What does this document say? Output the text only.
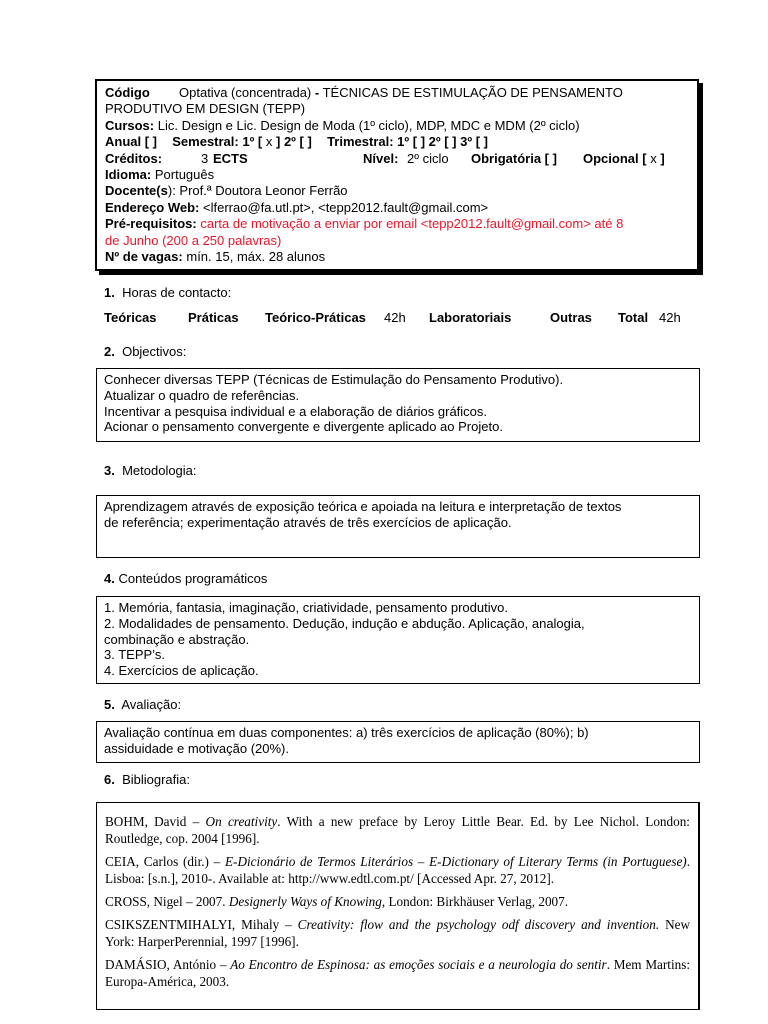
Código Optativa (concentrada) - TÉCNICAS DE ESTIMULAÇÃO DE PENSAMENTO
PRODUTIVO EM DESIGN (TEPP)
Cursos: Lic. Design e Lic. Design de Moda (1º ciclo), MDP, MDC e MDM (2º ciclo)
Anual [ ] Semestral: 1º [ x ] 2º [ ] Trimestral: 1º [ ] 2º [ ] 3º [ ]
Créditos:	3 ECTS	Nível: 2º ciclo Obrigatória [ ] Opcional [ x ]
Idioma: Português
Docente(s): Prof.ª Doutora Leonor Ferrão
Endereço Web: <lferrao@fa.utl.pt>, <tepp2012.fault@gmail.com>
Pré-requisitos: carta de motivação a enviar por email <tepp2012.fault@gmail.com> até 8
de Junho (200 a 250 palavras)
Nº de vagas: mín. 15, máx. 28 alunos
1. Horas de contacto:
Teóricas Práticas Teórico-Práticas 42h Laboratoriais	Outras Total 42h
2. Objectivos:
Conhecer diversas TEPP (Técnicas de Estimulação do Pensamento Produtivo).
Atualizar o quadro de referências.
Incentivar a pesquisa individual e a elaboração de diários gráficos.
Acionar o pensamento convergente e divergente aplicado ao Projeto.
3. Metodologia:
Aprendizagem através de exposição teórica e apoiada na leitura e interpretação de textos
de referência; experimentação através de três exercícios de aplicação.
4. Conteúdos programáticos
1. Memória, fantasia, imaginação, criatividade, pensamento produtivo.
2. Modalidades de pensamento. Dedução, indução e abdução. Aplicação, analogia,
combinação e abstração.
3. TEPP’s.
4. Exercícios de aplicação.
5. Avaliação:
Avaliação contínua em duas componentes: a) três exercícios de aplicação (80%); b)
assiduidade e motivação (20%).
6. Bibliografia:
BOHM, David – On creativity. With a new preface by Leroy Little Bear. Ed. by Lee Nichol. London: Routledge, cop. 2004 [1996].
CEIA, Carlos (dir.) – E-Dicionário de Termos Literários – E-Dictionary of Literary Terms (in Portuguese). Lisboa: [s.n.], 2010-. Available at: http://www.edtl.com.pt/ [Accessed Apr. 27, 2012].
CROSS, Nigel – 2007. Designerly Ways of Knowing, London: Birkhäuser Verlag, 2007.
CSIKSZENTMIHALYI, Mihaly – Creativity: flow and the psychology odf discovery and invention. New York: HarperPerennial, 1997 [1996].
DAMÁSIO, António – Ao Encontro de Espinosa: as emoções sociais e a neurologia do sentir. Mem Martins: Europa-América, 2003.
